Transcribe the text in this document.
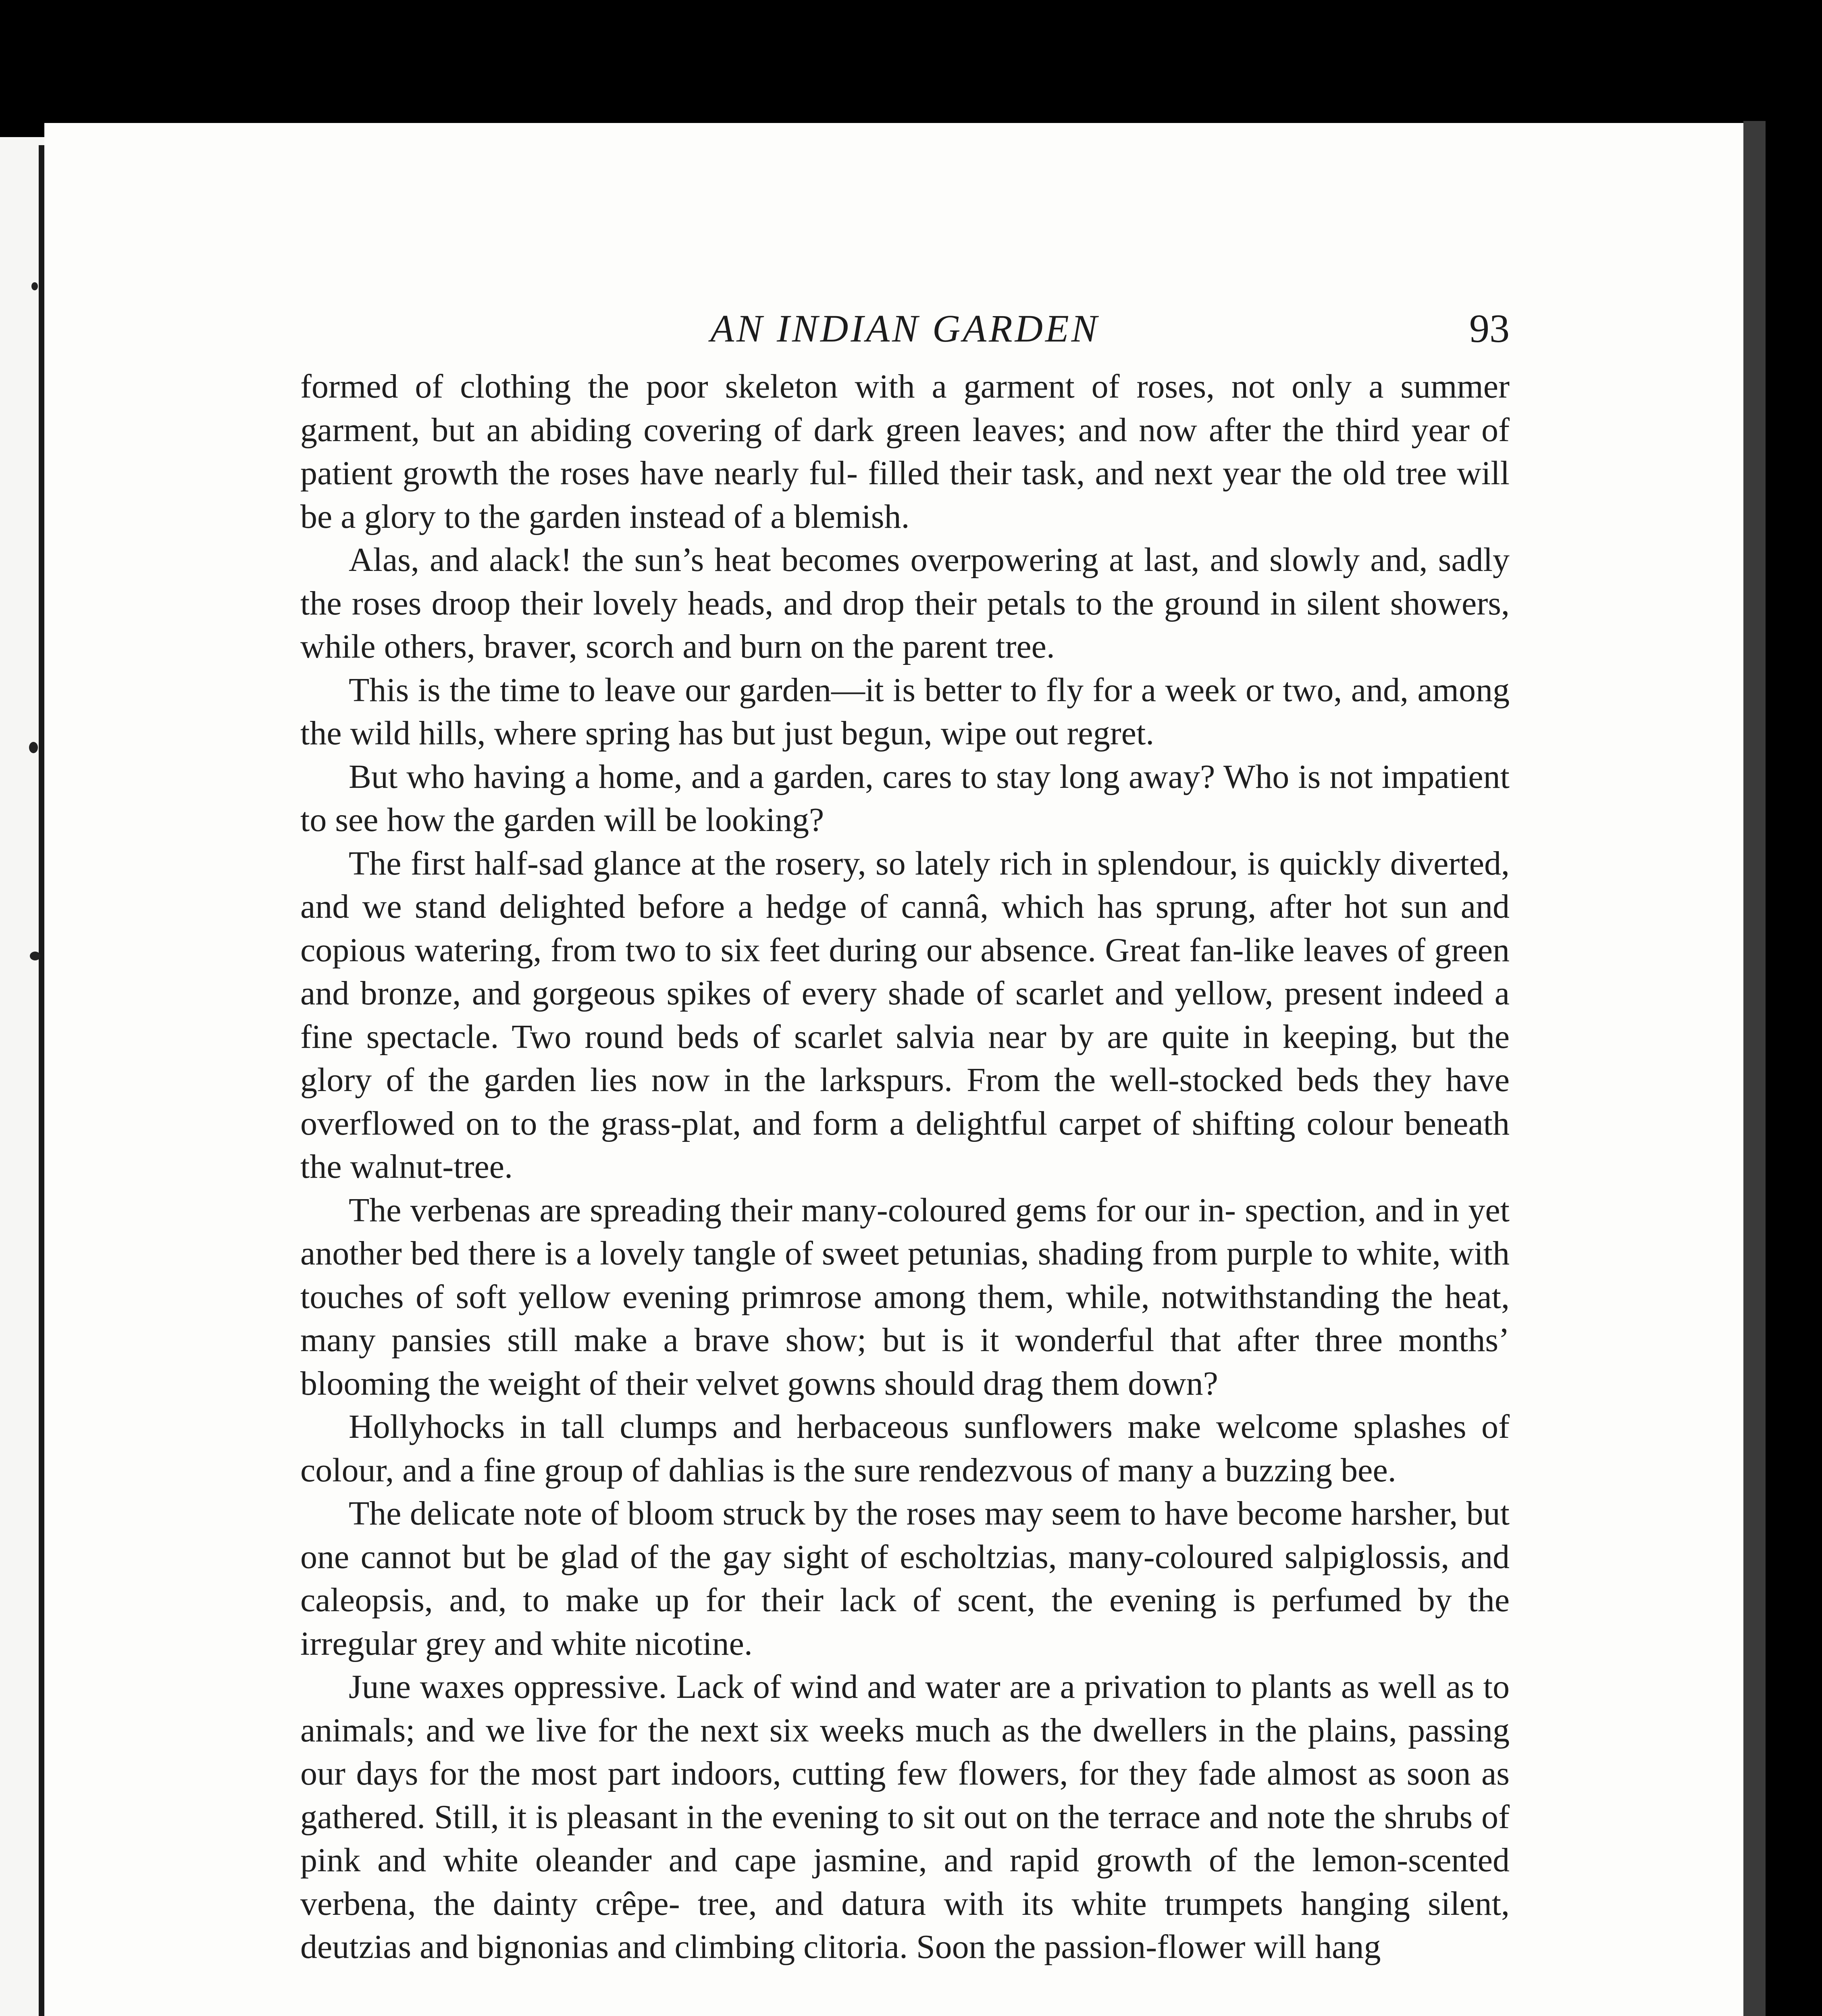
AN INDIAN GARDEN	93

formed of clothing the poor skeleton with a garment of roses, not only a summer garment, but an abiding covering of dark green leaves; and now after the third year of patient growth the roses have nearly ful- filled their task, and next year the old tree will be a glory to the garden instead of a blemish.

Alas, and alack! the sun’s heat becomes overpowering at last, and slowly and, sadly the roses droop their lovely heads, and drop their petals to the ground in silent showers, while others, braver, scorch and burn on the parent tree.

This is the time to leave our garden—it is better to fly for a week or two, and, among the wild hills, where spring has but just begun, wipe out regret.

But who having a home, and a garden, cares to stay long away? Who is not impatient to see how the garden will be looking?

The first half-sad glance at the rosery, so lately rich in splendour, is quickly diverted, and we stand delighted before a hedge of cannâ, which has sprung, after hot sun and copious watering, from two to six feet during our absence. Great fan-like leaves of green and bronze, and gorgeous spikes of every shade of scarlet and yellow, present indeed a fine spectacle. Two round beds of scarlet salvia near by are quite in keeping, but the glory of the garden lies now in the larkspurs. From the well-stocked beds they have overflowed on to the grass-plat, and form a delightful carpet of shifting colour beneath the walnut-tree.

The verbenas are spreading their many-coloured gems for our in- spection, and in yet another bed there is a lovely tangle of sweet petunias, shading from purple to white, with touches of soft yellow evening primrose among them, while, notwithstanding the heat, many pansies still make a brave show; but is it wonderful that after three months’ blooming the weight of their velvet gowns should drag them down?

Hollyhocks in tall clumps and herbaceous sunflowers make welcome splashes of colour, and a fine group of dahlias is the sure rendezvous of many a buzzing bee.

The delicate note of bloom struck by the roses may seem to have become harsher, but one cannot but be glad of the gay sight of escholtzias, many-coloured salpiglossis, and caleopsis, and, to make up for their lack of scent, the evening is perfumed by the irregular grey and white nicotine.

June waxes oppressive. Lack of wind and water are a privation to plants as well as to animals; and we live for the next six weeks much as the dwellers in the plains, passing our days for the most part indoors, cutting few flowers, for they fade almost as soon as gathered. Still, it is pleasant in the evening to sit out on the terrace and note the shrubs of pink and white oleander and cape jasmine, and rapid growth of the lemon-scented verbena, the dainty crêpe- tree, and datura with its white trumpets hanging silent, deutzias and bignonias and climbing clitoria. Soon the passion-flower will hang
